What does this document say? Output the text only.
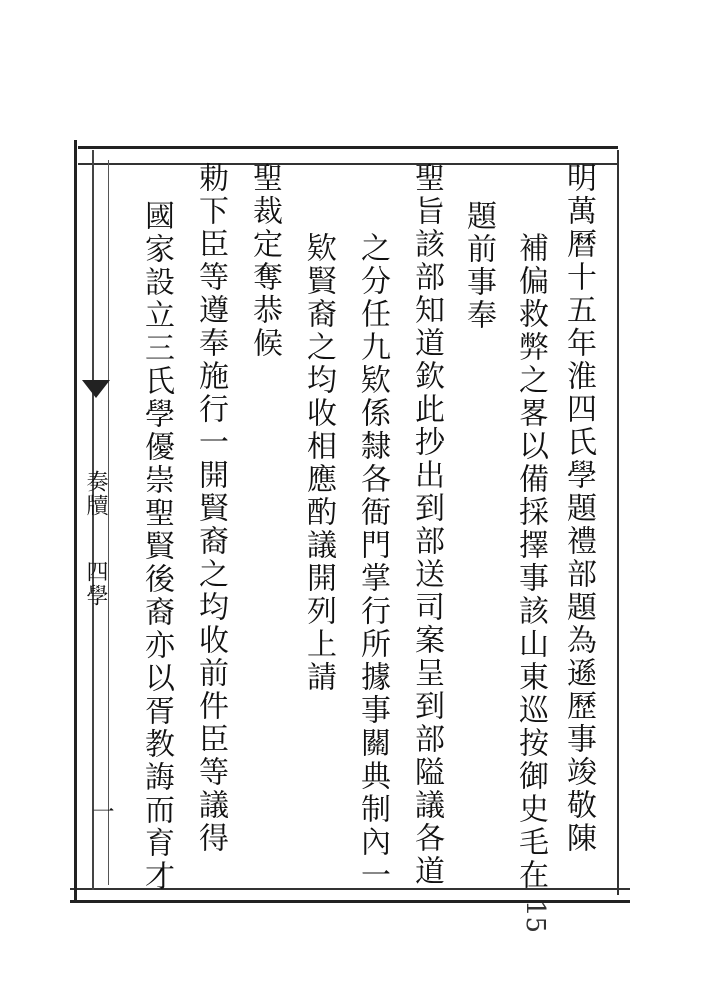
明萬曆十五年淮四氏學題禮部題為遜歷事竣敬陳
補偏救弊之畧以備採擇事該山東巡按御史毛在
題前事奉
聖旨該部知道欽此抄出到部送司案呈到部隘議各道
之分任九欵係隸各衙門掌行所據事關典制內一
欵賢裔之均收相應酌議開列上請
聖裁定奪恭候
勅下臣等遵奉施行一開賢裔之均收前件臣等議得
國家設立三氏學優崇聖賢後裔亦以胥教誨而育才
奏牘
四學
一
15
